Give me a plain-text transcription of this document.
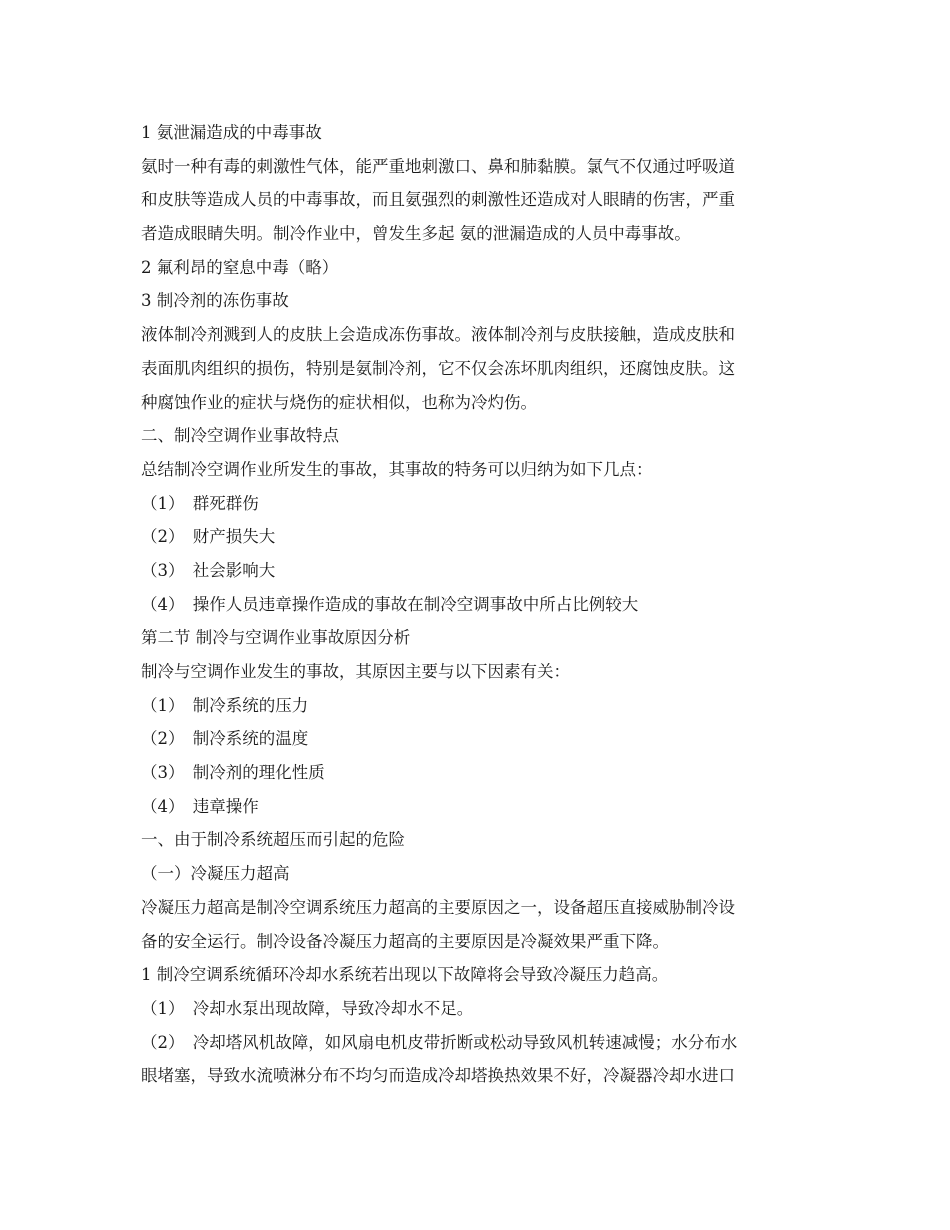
1 氨泄漏造成的中毒事故
氨时一种有毒的刺激性气体，能严重地刺激口、鼻和肺黏膜。氯气不仅通过呼吸道
和皮肤等造成人员的中毒事故，而且氨强烈的刺激性还造成对人眼睛的伤害，严重
者造成眼睛失明。制冷作业中，曾发生多起 氨的泄漏造成的人员中毒事故。
2 氟利昂的窒息中毒（略）
3 制冷剂的冻伤事故
液体制冷剂溅到人的皮肤上会造成冻伤事故。液体制冷剂与皮肤接触，造成皮肤和
表面肌肉组织的损伤，特别是氨制冷剂，它不仅会冻坏肌肉组织，还腐蚀皮肤。这
种腐蚀作业的症状与烧伤的症状相似，也称为冷灼伤。
二、制冷空调作业事故特点
总结制冷空调作业所发生的事故，其事故的特务可以归纳为如下几点：
（1）　群死群伤
（2）　财产损失大
（3）　社会影响大
（4）　操作人员违章操作造成的事故在制冷空调事故中所占比例较大
第二节 制冷与空调作业事故原因分析
制冷与空调作业发生的事故，其原因主要与以下因素有关：
（1）　制冷系统的压力
（2）　制冷系统的温度
（3）　制冷剂的理化性质
（4）　违章操作
一、由于制冷系统超压而引起的危险
（一）冷凝压力超高
冷凝压力超高是制冷空调系统压力超高的主要原因之一，设备超压直接威胁制冷设
备的安全运行。制冷设备冷凝压力超高的主要原因是冷凝效果严重下降。
1 制冷空调系统循环冷却水系统若出现以下故障将会导致冷凝压力趋高。
（1）　冷却水泵出现故障，导致冷却水不足。
（2）　冷却塔风机故障，如风扇电机皮带折断或松动导致风机转速减慢；水分布水
眼堵塞，导致水流喷淋分布不均匀而造成冷却塔换热效果不好，冷凝器冷却水进口
